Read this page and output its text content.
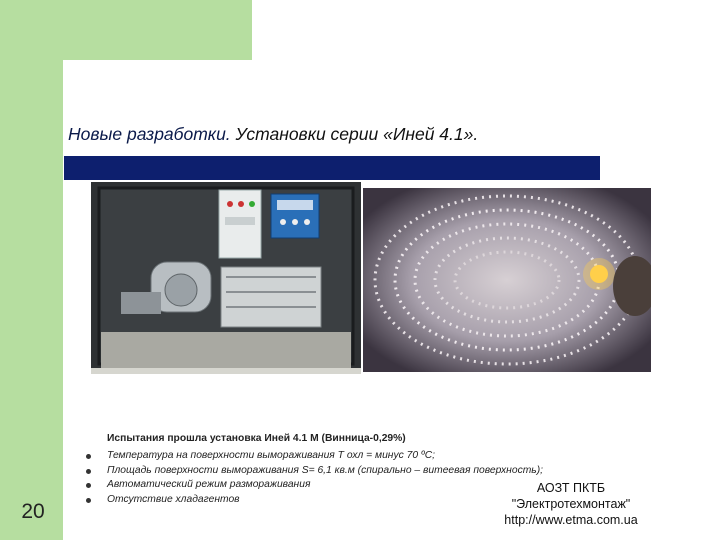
Новые разработки. Установки серии «Иней 4.1».
20
Испытания прошла установка Иней 4.1 М (Винница-0,29%)
Температура на поверхности вымораживания T охл = минус 70 ºС;
Площадь поверхности вымораживания S= 6,1 кв.м (спирально – витеевая поверхность);
Автоматический режим размораживания
Отсутствие хладагентов
АОЗТ ПКТБ
"Электротехмонтаж"
http://www.etma.com.ua
